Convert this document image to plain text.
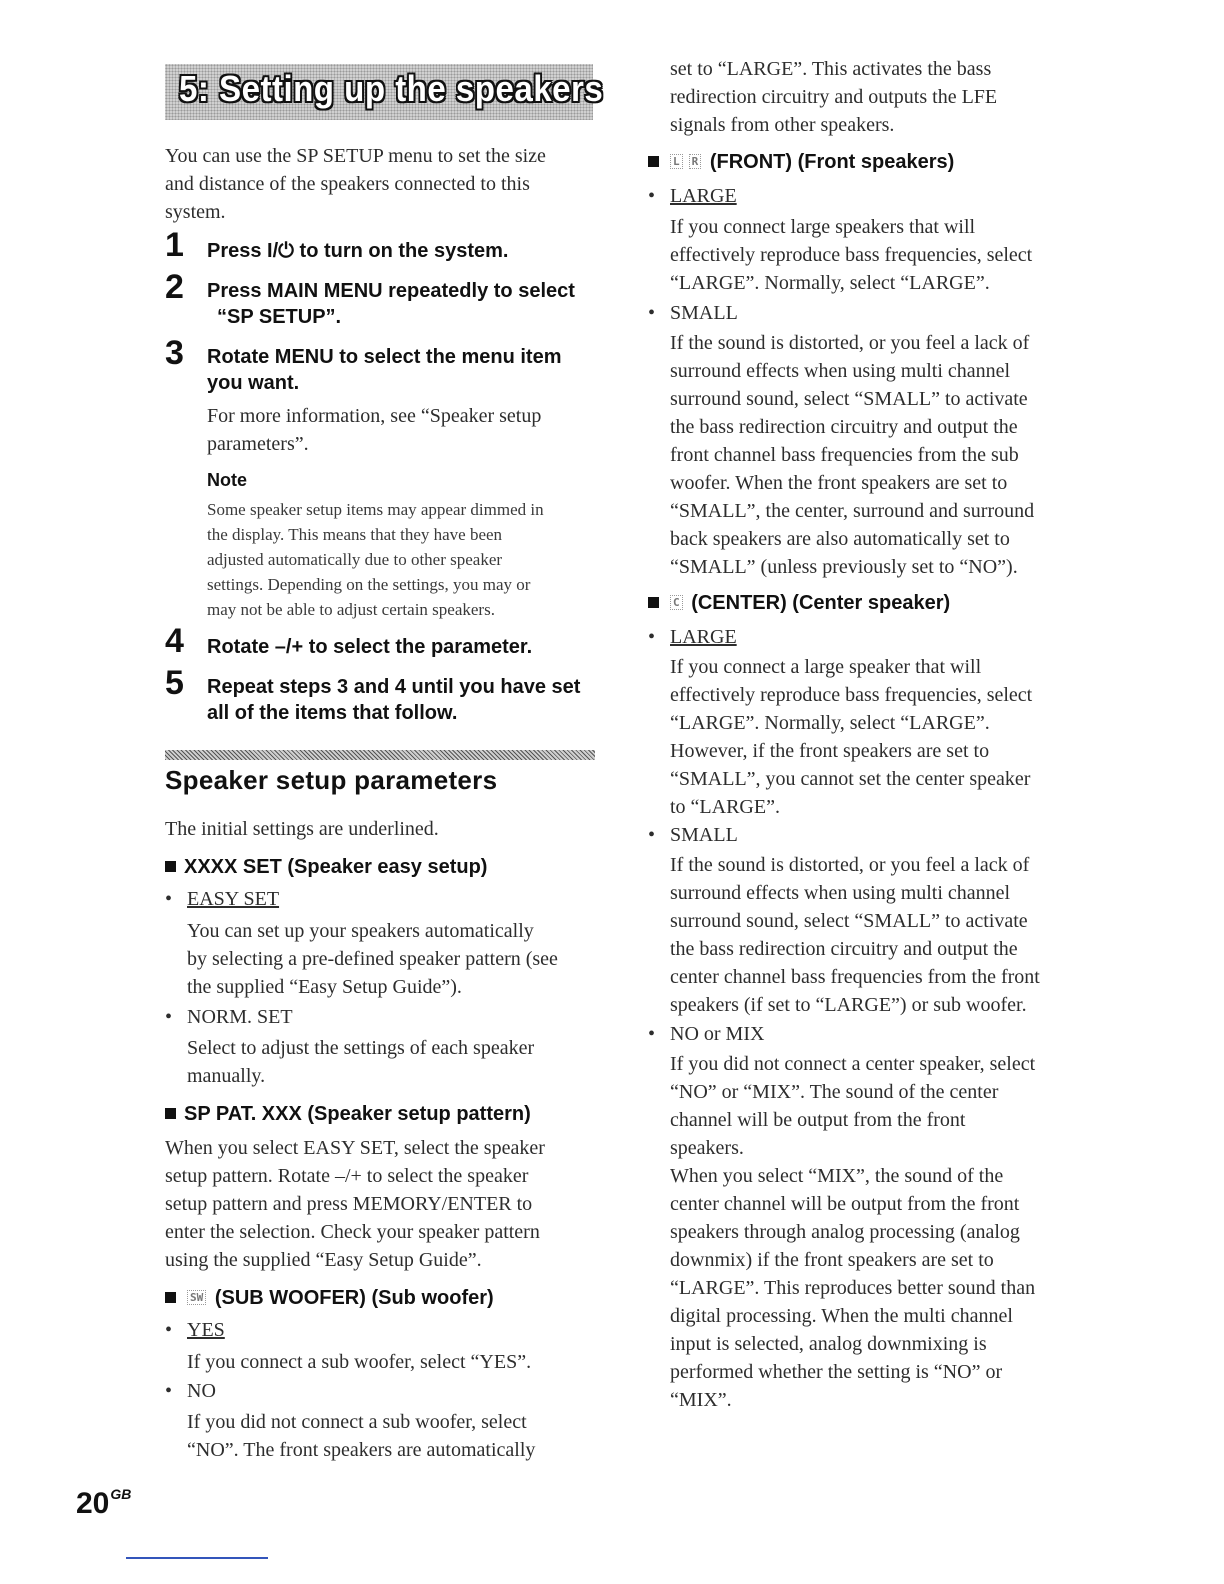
5: Setting up the speakers
You can use the SP SETUP menu to set the size
and distance of the speakers connected to this
system.
1 Press I/⏻ to turn on the system.
2 Press MAIN MENU repeatedly to select
“SP SETUP”.
3 Rotate MENU to select the menu item
you want.
For more information, see “Speaker setup
parameters”.
Note
Some speaker setup items may appear dimmed in
the display. This means that they have been
adjusted automatically due to other speaker
settings. Depending on the settings, you may or
may not be able to adjust certain speakers.
4 Rotate –/+ to select the parameter.
5 Repeat steps 3 and 4 until you have set
all of the items that follow.
Speaker setup parameters
The initial settings are underlined.
XXXX SET (Speaker easy setup)
• EASY SET
You can set up your speakers automatically
by selecting a pre-defined speaker pattern (see
the supplied “Easy Setup Guide”).
• NORM. SET
Select to adjust the settings of each speaker
manually.
SP PAT. XXX (Speaker setup pattern)
When you select EASY SET, select the speaker
setup pattern. Rotate –/+ to select the speaker
setup pattern and press MEMORY/ENTER to
enter the selection. Check your speaker pattern
using the supplied “Easy Setup Guide”.
SW (SUB WOOFER) (Sub woofer)
• YES
If you connect a sub woofer, select “YES”.
• NO
If you did not connect a sub woofer, select
“NO”. The front speakers are automatically
set to “LARGE”. This activates the bass
redirection circuitry and outputs the LFE
signals from other speakers.
L R (FRONT) (Front speakers)
• LARGE
If you connect large speakers that will
effectively reproduce bass frequencies, select
“LARGE”. Normally, select “LARGE”.
• SMALL
If the sound is distorted, or you feel a lack of
surround effects when using multi channel
surround sound, select “SMALL” to activate
the bass redirection circuitry and output the
front channel bass frequencies from the sub
woofer. When the front speakers are set to
“SMALL”, the center, surround and surround
back speakers are also automatically set to
“SMALL” (unless previously set to “NO”).
C (CENTER) (Center speaker)
• LARGE
If you connect a large speaker that will
effectively reproduce bass frequencies, select
“LARGE”. Normally, select “LARGE”.
However, if the front speakers are set to
“SMALL”, you cannot set the center speaker
to “LARGE”.
• SMALL
If the sound is distorted, or you feel a lack of
surround effects when using multi channel
surround sound, select “SMALL” to activate
the bass redirection circuitry and output the
center channel bass frequencies from the front
speakers (if set to “LARGE”) or sub woofer.
• NO or MIX
If you did not connect a center speaker, select
“NO” or “MIX”. The sound of the center
channel will be output from the front
speakers.
When you select “MIX”, the sound of the
center channel will be output from the front
speakers through analog processing (analog
downmix) if the front speakers are set to
“LARGE”. This reproduces better sound than
digital processing. When the multi channel
input is selected, analog downmixing is
performed whether the setting is “NO” or
“MIX”.
$20^{GB}$
